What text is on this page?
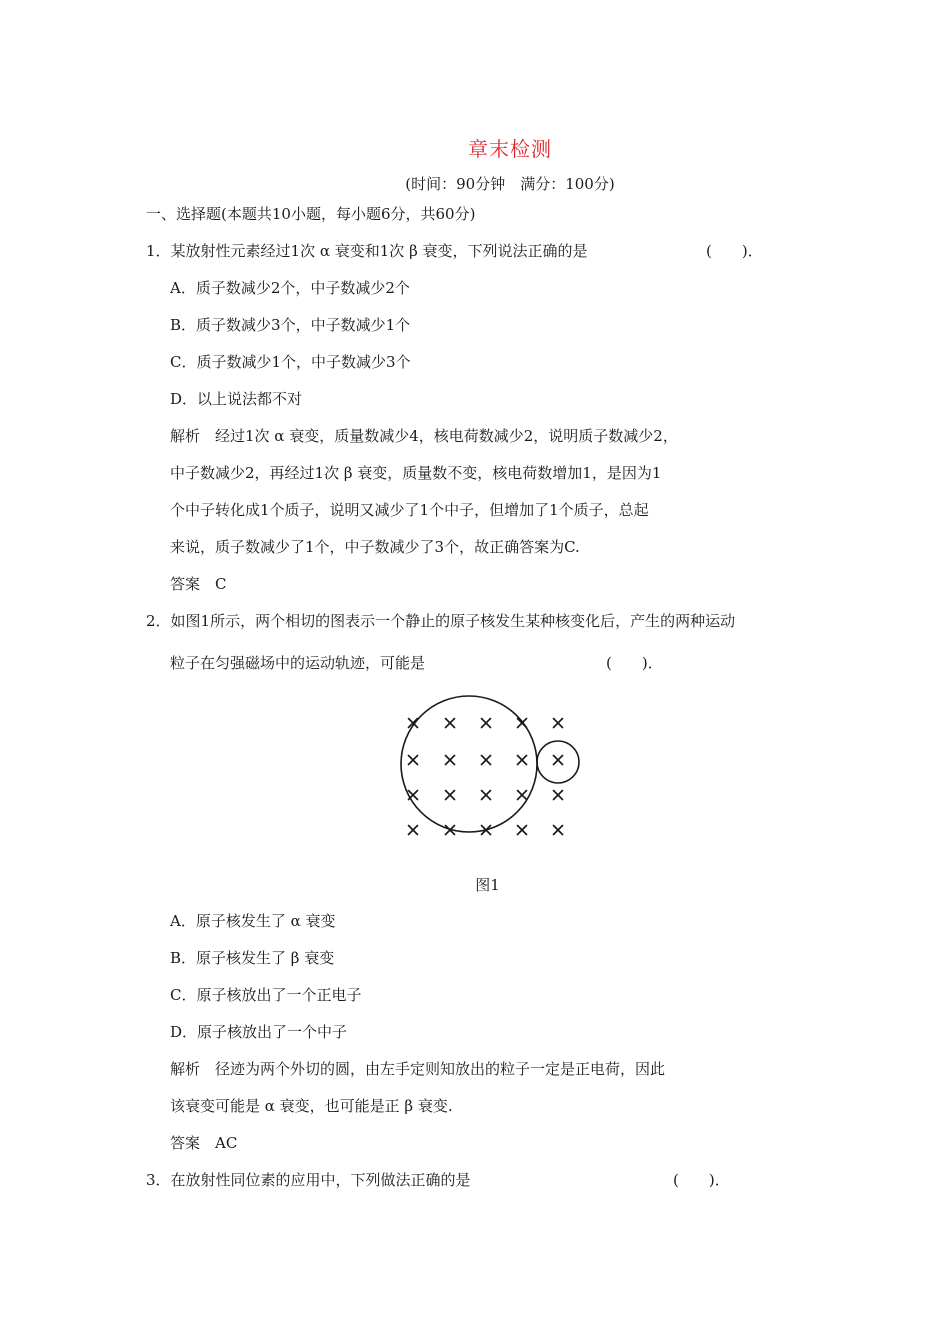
章末检测
(时间：90分钟　满分：100分)
一、选择题(本题共10小题，每小题6分，共60分)
1．某放射性元素经过1次 α 衰变和1次 β 衰变，下列说法正确的是	(　　)．
A．质子数减少2个，中子数减少2个
B．质子数减少3个，中子数减少1个
C．质子数减少1个，中子数减少3个
D．以上说法都不对
解析　经过1次 α 衰变，质量数减少4，核电荷数减少2，说明质子数减少2，
中子数减少2，再经过1次 β 衰变，质量数不变，核电荷数增加1，是因为1
个中子转化成1个质子，说明又减少了1个中子，但增加了1个质子，总起
来说，质子数减少了1个，中子数减少了3个，故正确答案为C.
答案　C
2．如图1所示，两个相切的图表示一个静止的原子核发生某种核变化后，产生的两种运动
粒子在匀强磁场中的运动轨迹，可能是	(　　)．
图1
A．原子核发生了 α 衰变
B．原子核发生了 β 衰变
C．原子核放出了一个正电子
D．原子核放出了一个中子
解析　径迹为两个外切的圆，由左手定则知放出的粒子一定是正电荷，因此
该衰变可能是 α 衰变，也可能是正 β 衰变.
答案　AC
3．在放射性同位素的应用中，下列做法正确的是	(　　)．
